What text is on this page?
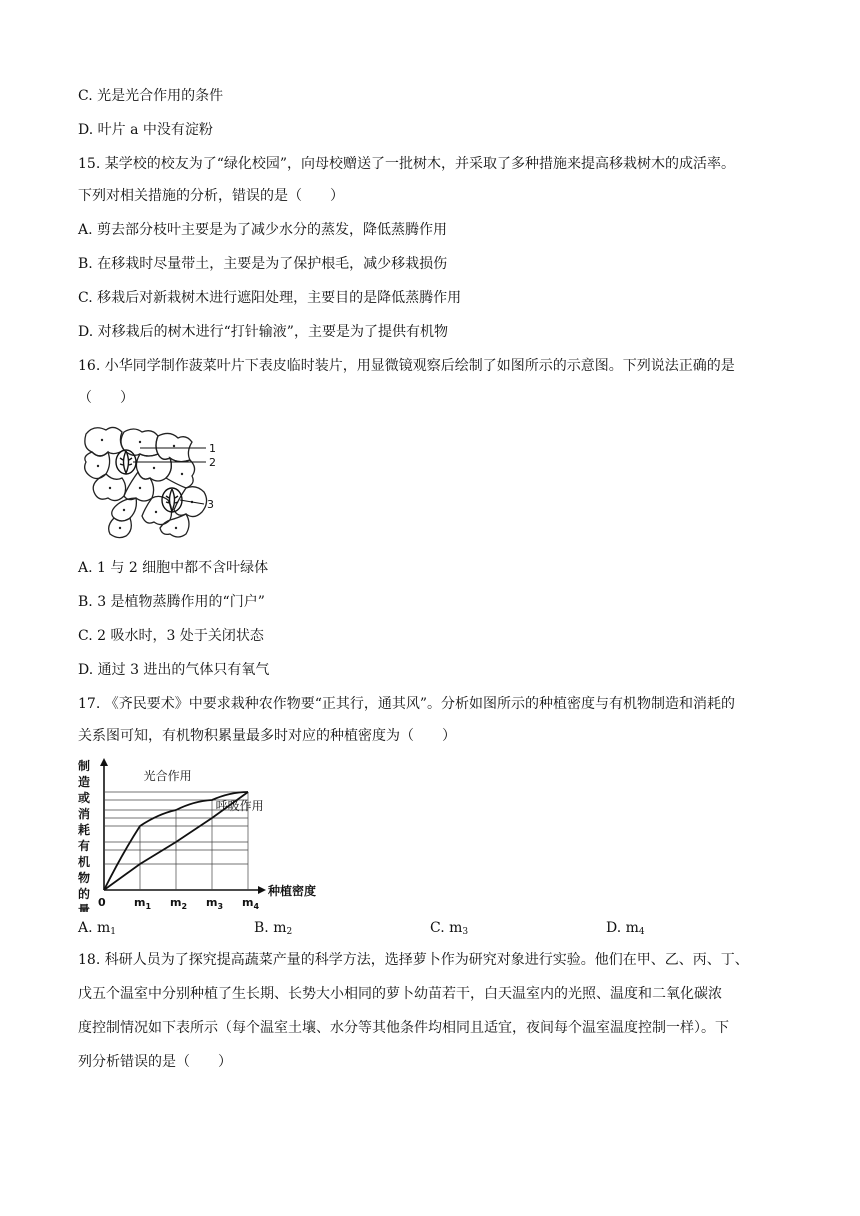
C. 光是光合作用的条件
D. 叶片 a 中没有淀粉
15. 某学校的校友为了“绿化校园”，向母校赠送了一批树木，并采取了多种措施来提高移栽树木的成活率。
下列对相关措施的分析，错误的是（　　）
A. 剪去部分枝叶主要是为了减少水分的蒸发，降低蒸腾作用
B. 在移栽时尽量带土，主要是为了保护根毛，减少移栽损伤
C. 移栽后对新栽树木进行遮阳处理，主要目的是降低蒸腾作用
D. 对移栽后的树木进行“打针输液”，主要是为了提供有机物
16. 小华同学制作菠菜叶片下表皮临时装片，用显微镜观察后绘制了如图所示的示意图。下列说法正确的是
（　　）
1
2
3
A. 1 与 2 细胞中都不含叶绿体
B. 3 是植物蒸腾作用的“门户”
C. 2 吸水时，3 处于关闭状态
D. 通过 3 进出的气体只有氧气
17. 《齐民要术》中要求栽种农作物要“正其行，通其风”。分析如图所示的种植密度与有机物制造和消耗的
关系图可知，有机物积累量最多时对应的种植密度为（　　）
制
造
或
消
耗
有
机
物
的
量
$m_1$ $m_2$ $m_3$ $m_4$
光合作用
呼吸作用
种植密度
0
A. $m_1$	B. $m_2$	C. $m_3$	D. $m_4$
18. 科研人员为了探究提高蔬菜产量的科学方法，选择萝卜作为研究对象进行实验。他们在甲、乙、丙、丁、
戊五个温室中分别种植了生长期、长势大小相同的萝卜幼苗若干，白天温室内的光照、温度和二氧化碳浓
度控制情况如下表所示（每个温室土壤、水分等其他条件均相同且适宜，夜间每个温室温度控制一样）。下
列分析错误的是（　　）
